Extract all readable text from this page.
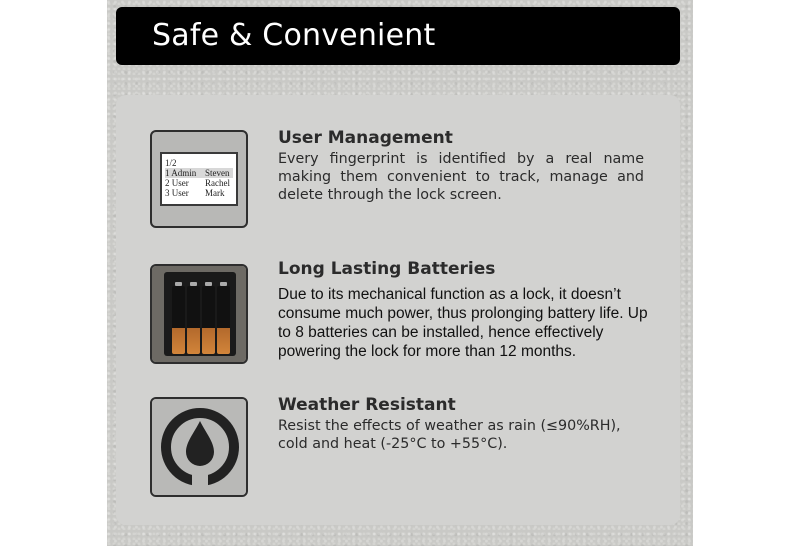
Safe & Convenient
1/2
1 Admin Steven
2 User	Rachel
3 User	Mark
User Management

Every fingerprint is identified by a real name making them convenient to track, manage and delete through the lock screen.

Long Lasting Batteries

Due to its mechanical function as a lock, it doesn’t consume much power, thus prolonging battery life. Up to 8 batteries can be installed, hence effectively powering the lock for more than 12 months.

Weather Resistant

Resist the effects of weather as rain (≤90%RH), cold and heat (-25°C to +55°C).
